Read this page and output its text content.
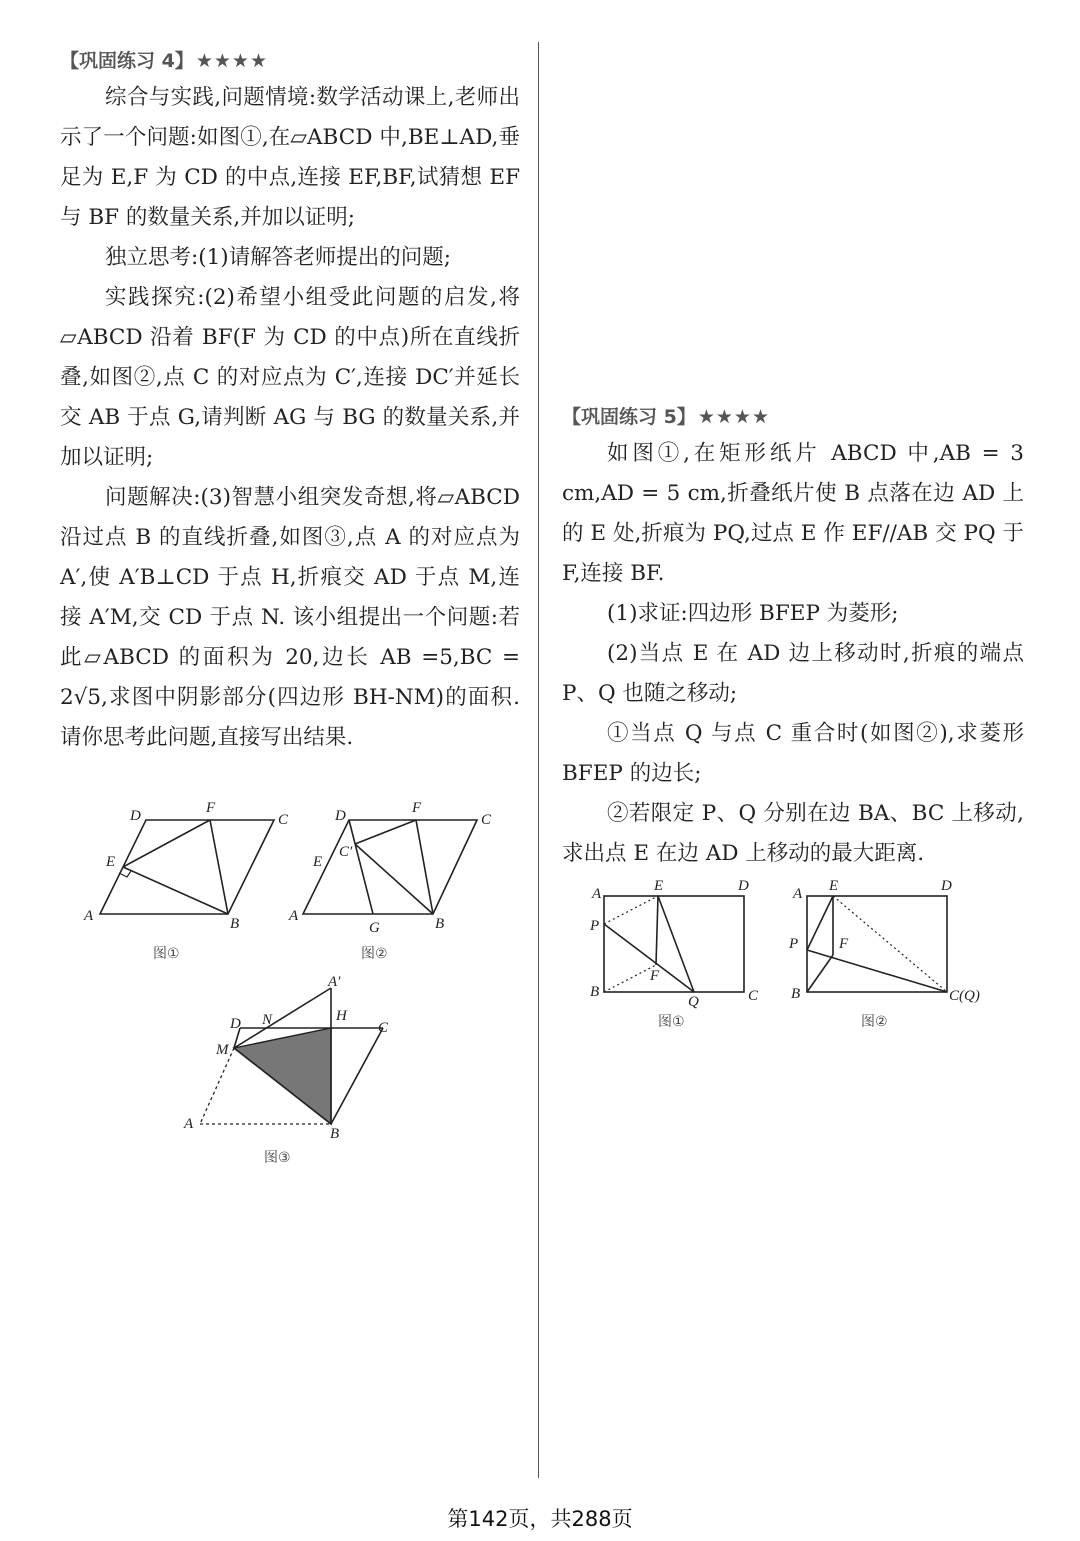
【巩固练习 4】 ★★★★

综合与实践,问题情境:数学活动课上,老师出示了一个问题:如图①,在▱ABCD 中,BE⊥AD,垂足为 E,F 为 CD 的中点,连接 EF,BF,试猜想 EF 与 BF 的数量关系,并加以证明;

独立思考:(1)请解答老师提出的问题;

实践探究:(2)希望小组受此问题的启发,将▱ABCD 沿着 BF(F 为 CD 的中点)所在直线折叠,如图②,点 C 的对应点为 C′,连接 DC′并延长交 AB 于点 G,请判断 AG 与 BG 的数量关系,并加以证明;

问题解决:(3)智慧小组突发奇想,将▱ABCD 沿过点 B 的直线折叠,如图③,点 A 的对应点为 A′,使 A′B⊥CD 于点 H,折痕交 AD 于点 M,连接 A′M,交 CD 于点 N. 该小组提出一个问题:若此▱ABCD 的面积为 20,边长 AB =5,BC = 2√5,求图中阴影部分(四边形 BH-NM)的面积. 请你思考此问题,直接写出结果.

D	F
C
E
A	B
图①
D	F
C
C′
E
A
G	B
图②
A′
D N	H
C
M
A
B
图③
【巩固练习 5】 ★★★★

如图①,在矩形纸片 ABCD 中,AB = 3 cm,AD = 5 cm,折叠纸片使 B 点落在边 AD 上的 E 处,折痕为 PQ,过点 E 作 EF//AB 交 PQ 于 F,连接 BF.

(1)求证:四边形 BFEP 为菱形;

(2)当点 E 在 AD 边上移动时,折痕的端点 P、Q 也随之移动;

①当点 Q 与点 C 重合时(如图②),求菱形 BFEP 的边长;

②若限定 P、Q 分别在边 BA、BC 上移动,求出点 E 在边 AD 上移动的最大距离.

A	E	D
P
F
B
Q	C
图①
A E	D
P	F
B	C(Q)
图②
第142页，共288页
